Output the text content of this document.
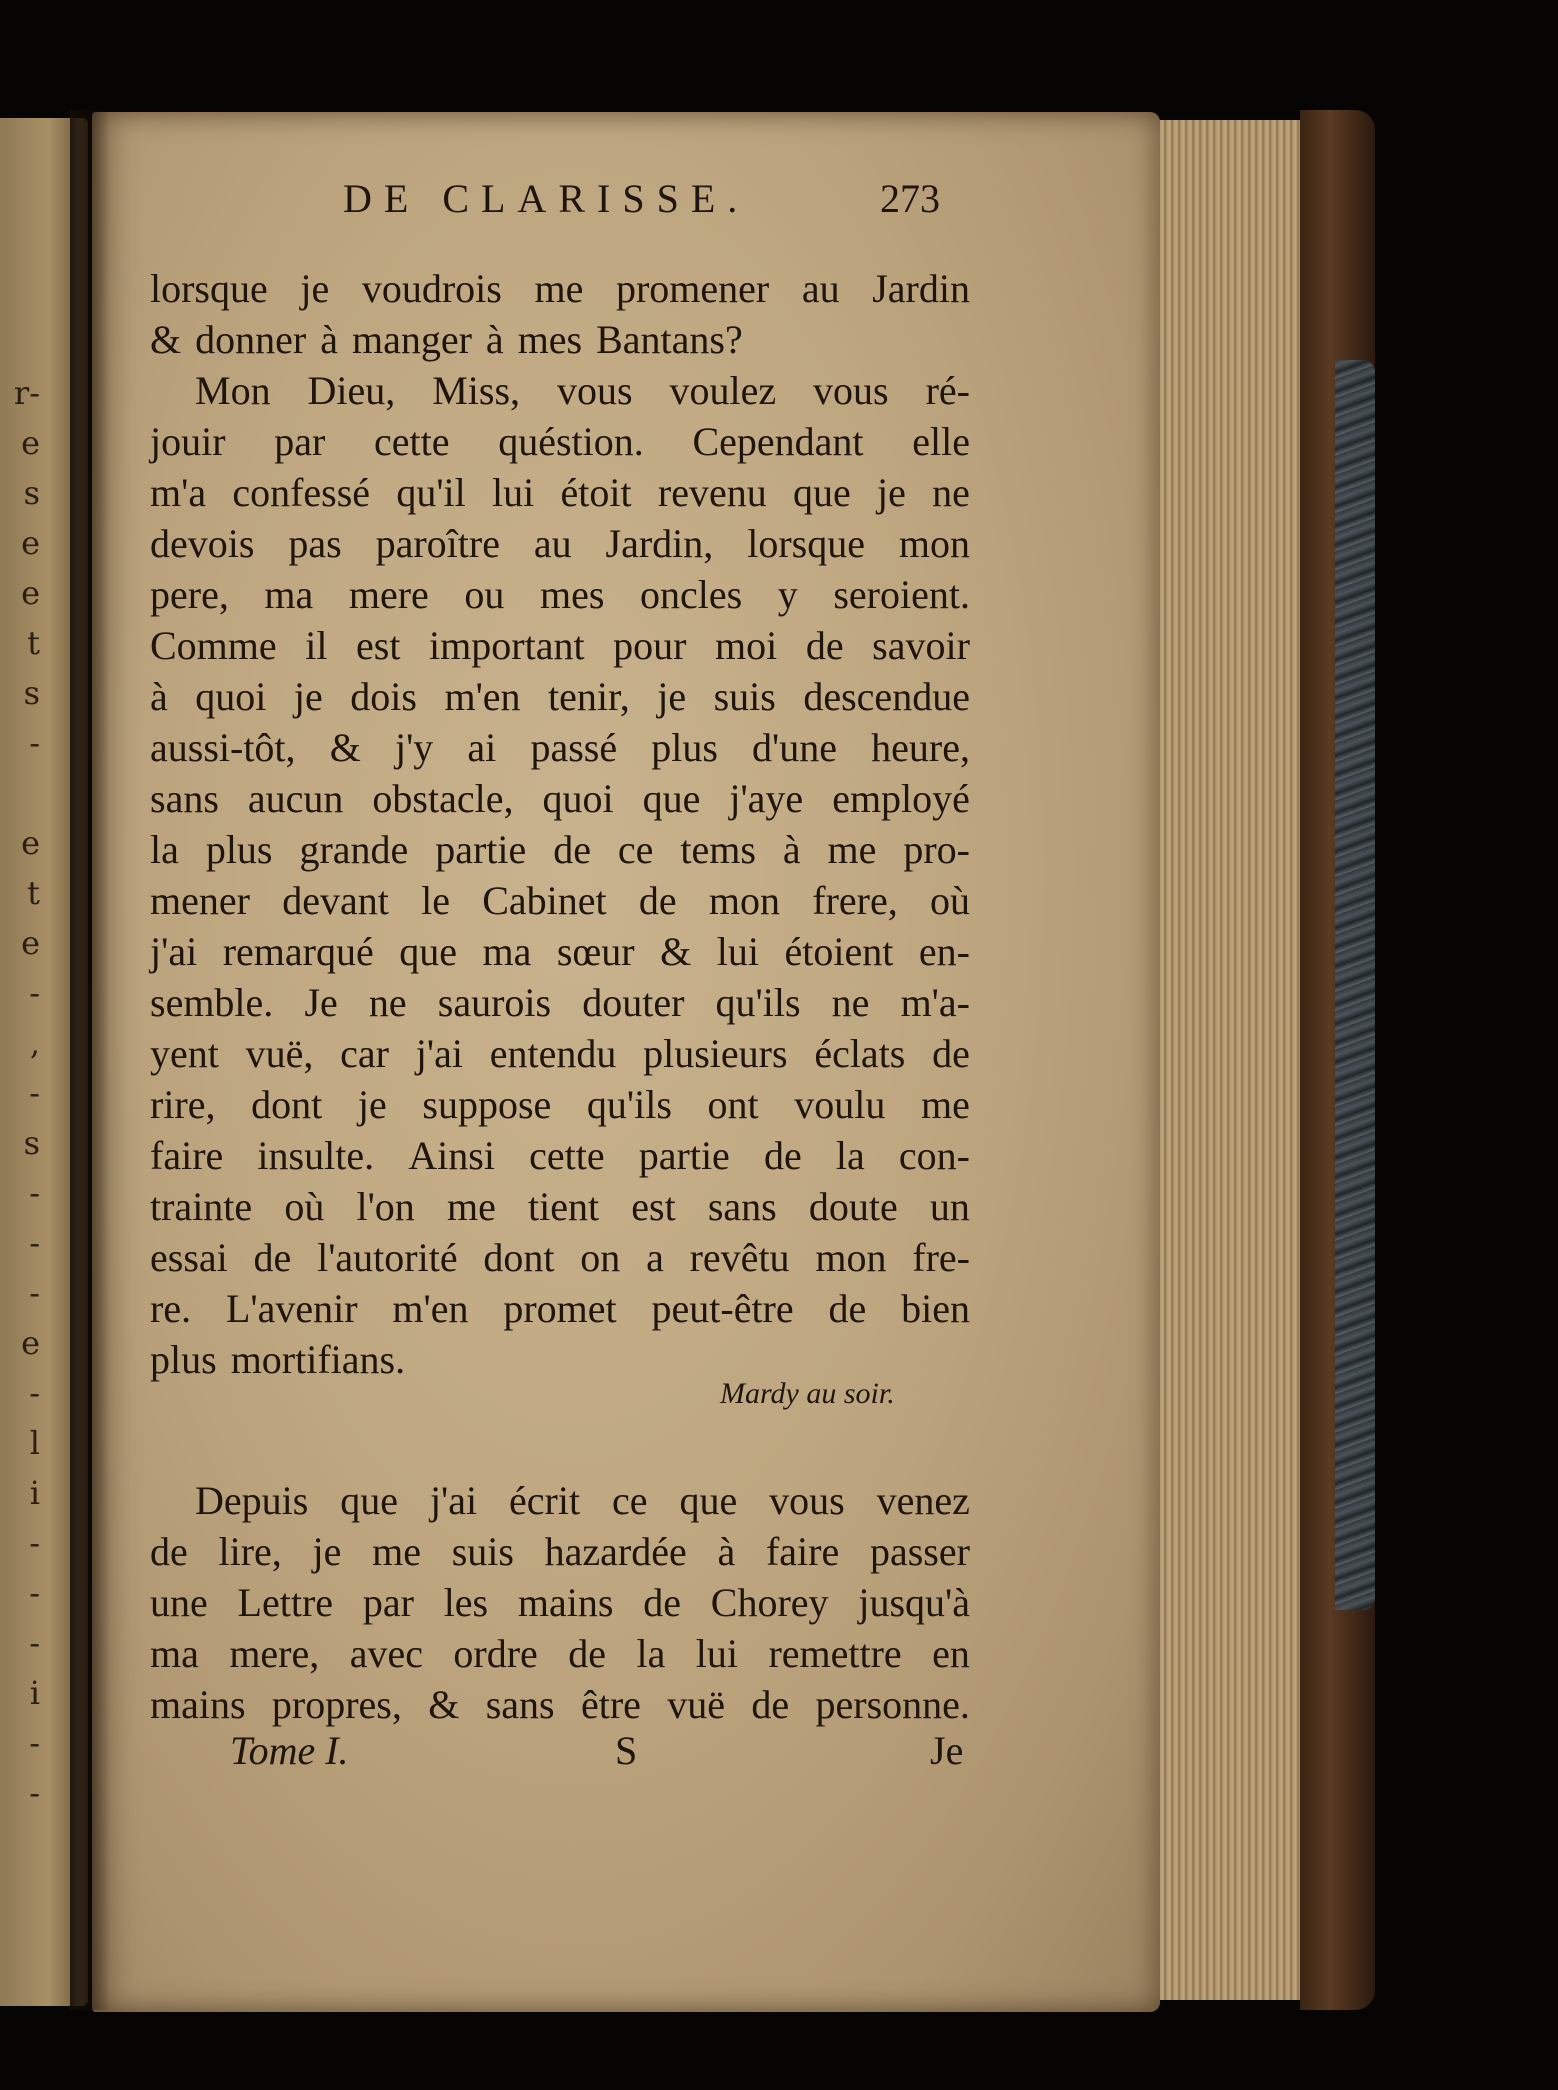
r-
e
s
e
e
t
s
-
e
t
e
-
,
-
s
-
-
-
e
-
l
i
-
-
-
i
-
-
DE CLARISSE.	273
lorsque je voudrois me promener au Jardin
& donner à manger à mes Bantans?
Mon Dieu, Miss, vous voulez vous ré-
jouir par cette quéstion. Cependant elle
m'a confessé qu'il lui étoit revenu que je ne
devois pas paroître au Jardin, lorsque mon
pere, ma mere ou mes oncles y seroient.
Comme il est important pour moi de savoir
à quoi je dois m'en tenir, je suis descendue
aussi-tôt, & j'y ai passé plus d'une heure,
sans aucun obstacle, quoi que j'aye employé
la plus grande partie de ce tems à me pro-
mener devant le Cabinet de mon frere, où
j'ai remarqué que ma sœur & lui étoient en-
semble. Je ne saurois douter qu'ils ne m'a-
yent vuë, car j'ai entendu plusieurs éclats de
rire, dont je suppose qu'ils ont voulu me
faire insulte. Ainsi cette partie de la con-
trainte où l'on me tient est sans doute un
essai de l'autorité dont on a revêtu mon fre-
re. L'avenir m'en promet peut-être de bien
plus mortifians.
Mardy au soir.
Depuis que j'ai écrit ce que vous venez
de lire, je me suis hazardée à faire passer
une Lettre par les mains de Chorey jusqu'à
ma mere, avec ordre de la lui remettre en
mains propres, & sans être vuë de personne.
Tome I.	S	Je
